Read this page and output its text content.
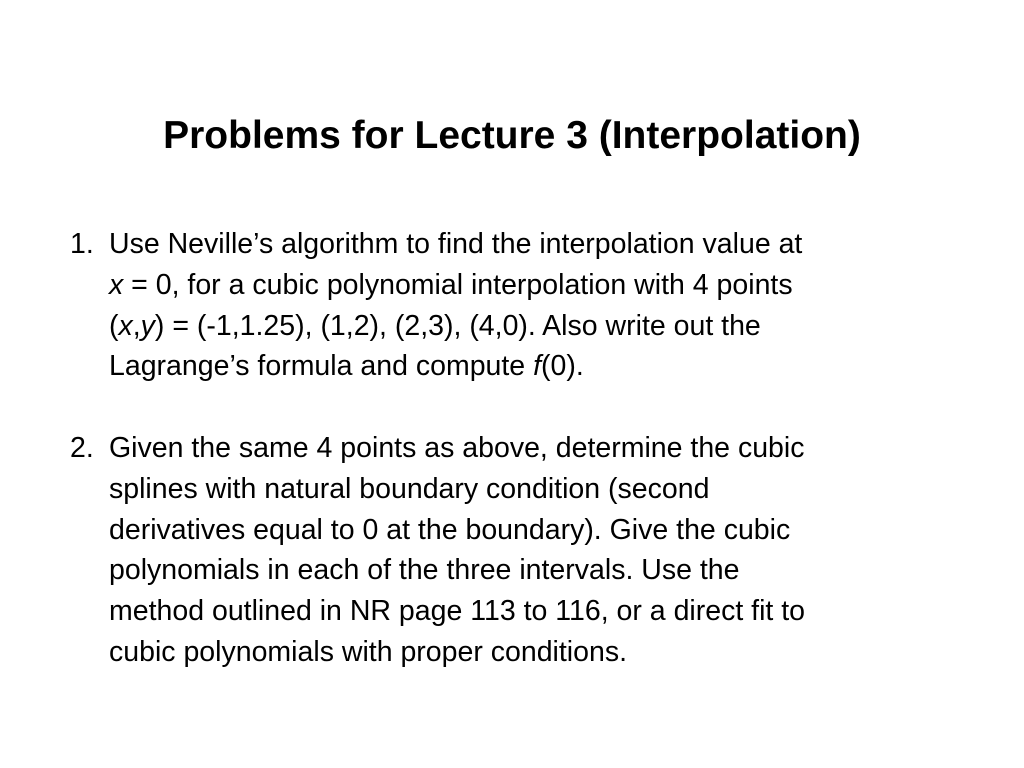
Problems for Lecture 3 (Interpolation)
1. Use Neville’s algorithm to find the interpolation value at
x = 0, for a cubic polynomial interpolation with 4 points
(x,y) = (-1,1.25), (1,2), (2,3), (4,0). Also write out the
Lagrange’s formula and compute f(0).
2. Given the same 4 points as above, determine the cubic
splines with natural boundary condition (second
derivatives equal to 0 at the boundary). Give the cubic
polynomials in each of the three intervals. Use the
method outlined in NR page 113 to 116, or a direct fit to
cubic polynomials with proper conditions.
